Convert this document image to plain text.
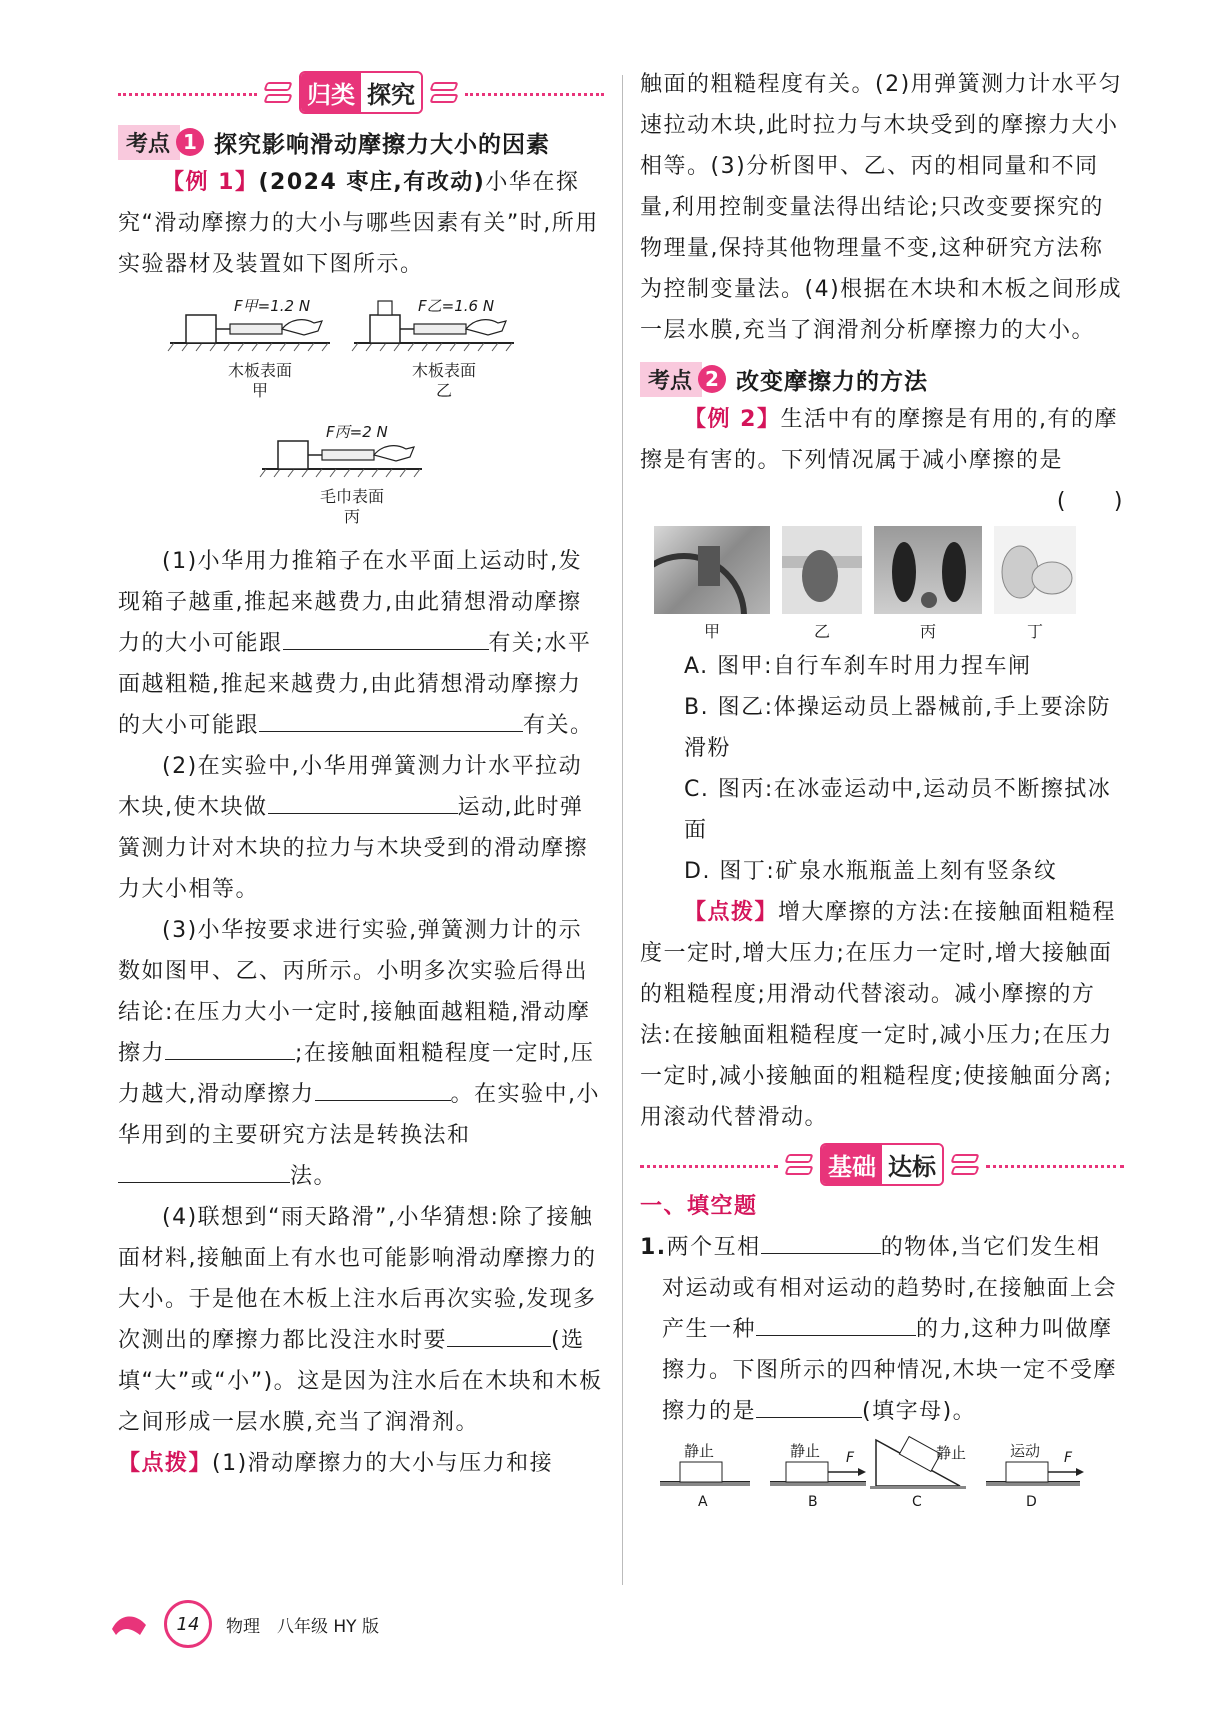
归类 探究
考点 1 探究影响滑动摩擦力大小的因素

【例 1】(2024 枣庄,有改动)小华在探究“滑动摩擦力的大小与哪些因素有关”时,所用实验器材及装置如下图所示。

F甲=1.2 N	F乙=1.6 N
F丙=2 N
木板表面
甲
木板表面
乙
毛巾表面
丙

(1)小华用力推箱子在水平面上运动时,发现箱子越重,推起来越费力,由此猜想滑动摩擦力的大小可能跟	有关;水平面越粗糙,推起来越费力,由此猜想滑动摩擦力的大小可能跟	有关。

(2)在实验中,小华用弹簧测力计水平拉动木块,使木块做	运动,此时弹簧测力计对木块的拉力与木块受到的滑动摩擦力大小相等。

(3)小华按要求进行实验,弹簧测力计的示数如图甲、乙、丙所示。小明多次实验后得出结论:在压力大小一定时,接触面越粗糙,滑动摩擦力	;在接触面粗糙程度一定时,压力越大,滑动摩擦力	。在实验中,小华用到的主要研究方法是转换法和法。

(4)联想到“雨天路滑”,小华猜想:除了接触面材料,接触面上有水也可能影响滑动摩擦力的大小。于是他在木板上注水后再次实验,发现多次测出的摩擦力都比没注水时要	(选填“大”或“小”)。这是因为注水后在木块和木板之间形成一层水膜,充当了润滑剂。

【点拨】(1)滑动摩擦力的大小与压力和接

触面的粗糙程度有关。(2)用弹簧测力计水平匀速拉动木块,此时拉力与木块受到的摩擦力大小相等。(3)分析图甲、乙、丙的相同量和不同量,利用控制变量法得出结论;只改变要探究的物理量,保持其他物理量不变,这种研究方法称为控制变量法。(4)根据在木块和木板之间形成一层水膜,充当了润滑剂分析摩擦力的大小。

考点 2 改变摩擦力的方法

【例 2】生活中有的摩擦是有用的,有的摩擦是有害的。下列情况属于减小摩擦的是

(　　)

甲	乙	丙	丁

A. 图甲:自行车刹车时用力捏车闸

B. 图乙:体操运动员上器械前,手上要涂防滑粉

C. 图丙:在冰壶运动中,运动员不断擦拭冰面

D. 图丁:矿泉水瓶瓶盖上刻有竖条纹

【点拨】增大摩擦的方法:在接触面粗糙程度一定时,增大压力;在压力一定时,增大接触面的粗糙程度;用滑动代替滚动。减小摩擦的方法:在接触面粗糙程度一定时,减小压力;在压力一定时,减小接触面的粗糙程度;使接触面分离;用滚动代替滑动。

基础 达标

一、填空题

1.两个互相	的物体,当它们发生相对运动或有相对运动的趋势时,在接触面上会产生一种	的力,这种力叫做摩擦力。下图所示的四种情况,木块一定不受摩擦力的是	(填字母)。

静止	静止 F	静止	运动 F
A	B	C	D
14	物理　八年级 HY 版
